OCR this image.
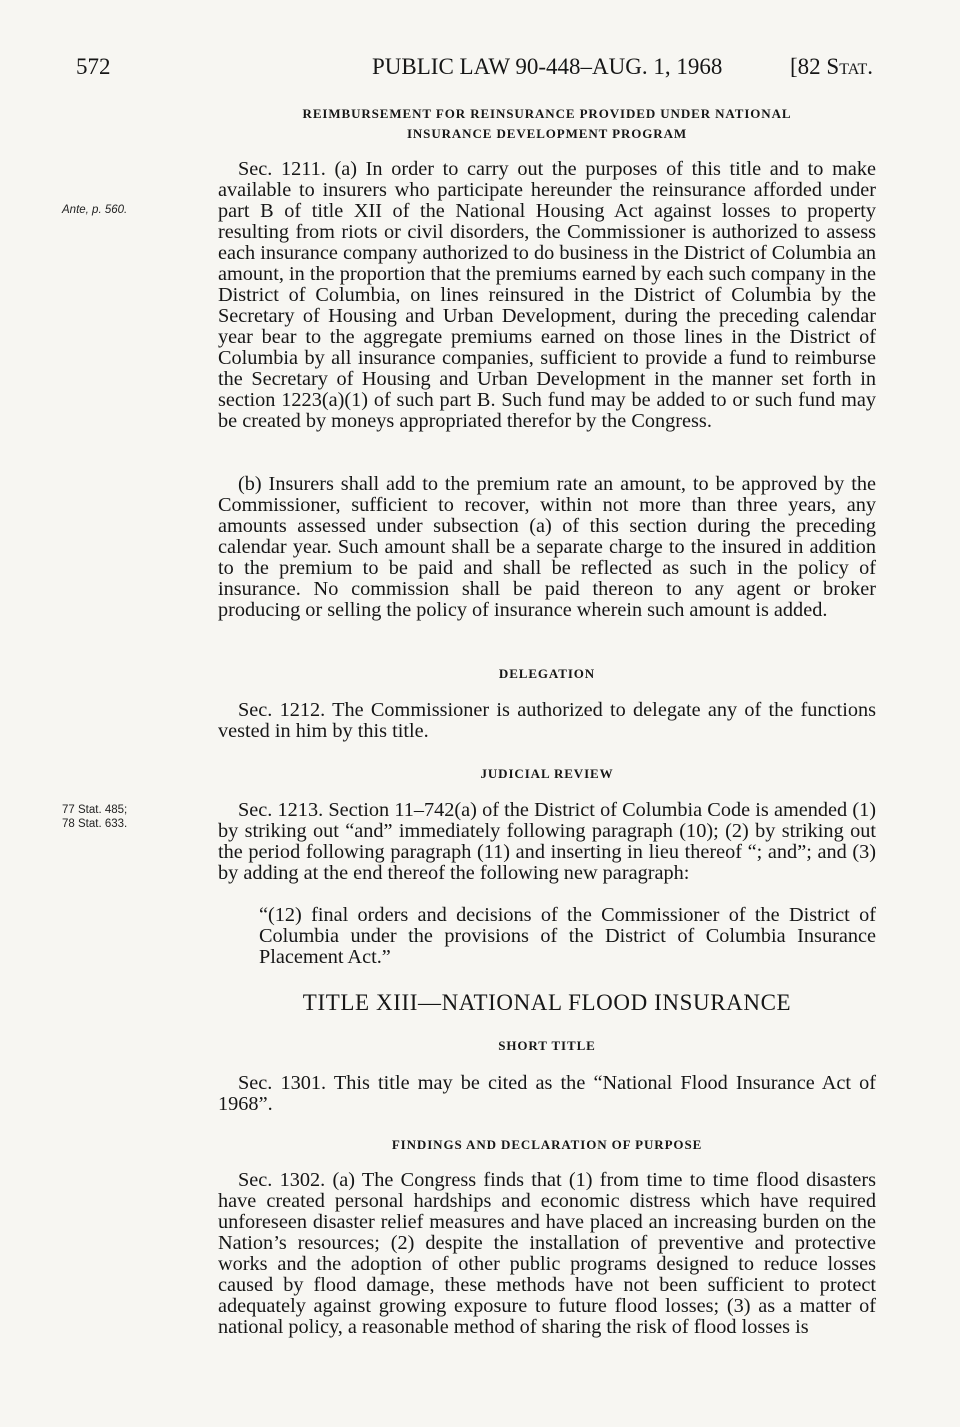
572	PUBLIC LAW 90-448–AUG. 1, 1968	[82 Stat.
Ante, p. 560.
77 Stat. 485;
78 Stat. 633.
REIMBURSEMENT FOR REINSURANCE PROVIDED UNDER NATIONAL
INSURANCE DEVELOPMENT PROGRAM

Sec. 1211. (a) In order to carry out the purposes of this title and to make available to insurers who participate hereunder the reinsurance afforded under part B of title XII of the National Housing Act against losses to property resulting from riots or civil disorders, the Commissioner is authorized to assess each insurance company authorized to do business in the District of Columbia an amount, in the proportion that the premiums earned by each such company in the District of Columbia, on lines reinsured in the District of Columbia by the Secretary of Housing and Urban Development, during the preceding calendar year bear to the aggregate premiums earned on those lines in the District of Columbia by all insurance companies, sufficient to provide a fund to reimburse the Secretary of Housing and Urban Development in the manner set forth in section 1223(a)(1) of such part B. Such fund may be added to or such fund may be created by moneys appropriated therefor by the Congress.

(b) Insurers shall add to the premium rate an amount, to be approved by the Commissioner, sufficient to recover, within not more than three years, any amounts assessed under subsection (a) of this section during the preceding calendar year. Such amount shall be a separate charge to the insured in addition to the premium to be paid and shall be reflected as such in the policy of insurance. No commission shall be paid thereon to any agent or broker producing or selling the policy of insurance wherein such amount is added.

DELEGATION

Sec. 1212. The Commissioner is authorized to delegate any of the functions vested in him by this title.

JUDICIAL REVIEW

Sec. 1213. Section 11–742(a) of the District of Columbia Code is amended (1) by striking out “and” immediately following paragraph (10); (2) by striking out the period following paragraph (11) and inserting in lieu thereof “; and”; and (3) by adding at the end thereof the following new paragraph:

“(12) final orders and decisions of the Commissioner of the District of Columbia under the provisions of the District of Columbia Insurance Placement Act.”

TITLE XIII—NATIONAL FLOOD INSURANCE
SHORT TITLE

Sec. 1301. This title may be cited as the “National Flood Insurance Act of 1968”.

FINDINGS AND DECLARATION OF PURPOSE

Sec. 1302. (a) The Congress finds that (1) from time to time flood disasters have created personal hardships and economic distress which have required unforeseen disaster relief measures and have placed an increasing burden on the Nation’s resources; (2) despite the installation of preventive and protective works and the adoption of other public programs designed to reduce losses caused by flood damage, these methods have not been sufficient to protect adequately against growing exposure to future flood losses; (3) as a matter of national policy, a reasonable method of sharing the risk of flood losses is
